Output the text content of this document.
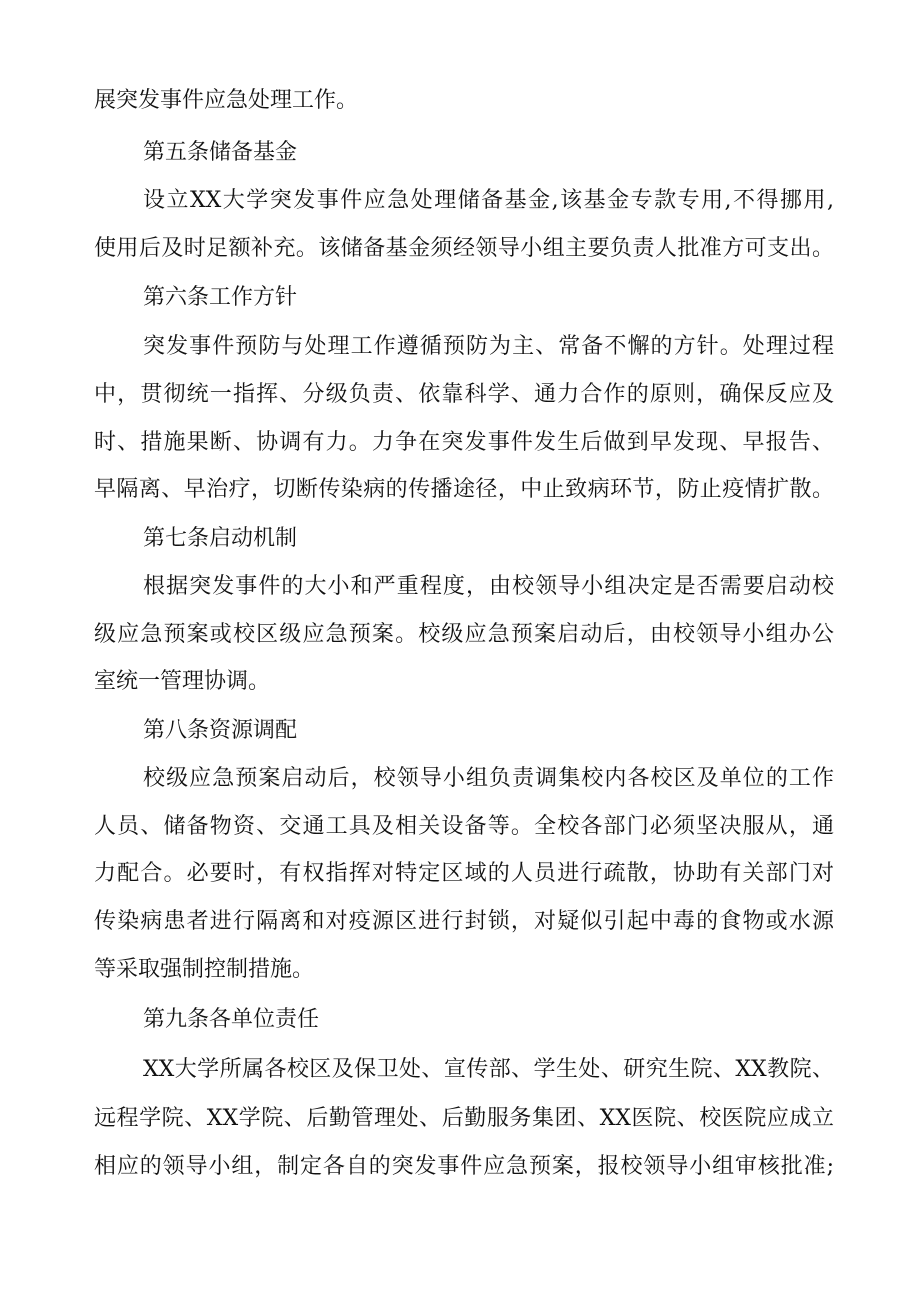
展突发事件应急处理工作。
第五条储备基金
设立XX大学突发事件应急处理储备基金,该基金专款专用,不得挪用,
使用后及时足额补充。该储备基金须经领导小组主要负责人批准方可支出。
第六条工作方针
突发事件预防与处理工作遵循预防为主、常备不懈的方针。处理过程
中，贯彻统一指挥、分级负责、依靠科学、通力合作的原则，确保反应及
时、措施果断、协调有力。力争在突发事件发生后做到早发现、早报告、
早隔离、早治疗，切断传染病的传播途径，中止致病环节，防止疫情扩散。
第七条启动机制
根据突发事件的大小和严重程度，由校领导小组决定是否需要启动校
级应急预案或校区级应急预案。校级应急预案启动后，由校领导小组办公
室统一管理协调。
第八条资源调配
校级应急预案启动后，校领导小组负责调集校内各校区及单位的工作
人员、储备物资、交通工具及相关设备等。全校各部门必须坚决服从，通
力配合。必要时，有权指挥对特定区域的人员进行疏散，协助有关部门对
传染病患者进行隔离和对疫源区进行封锁，对疑似引起中毒的食物或水源
等采取强制控制措施。
第九条各单位责任
XX大学所属各校区及保卫处、宣传部、学生处、研究生院、XX教院、
远程学院、XX学院、后勤管理处、后勤服务集团、XX医院、校医院应成立
相应的领导小组，制定各自的突发事件应急预案，报校领导小组审核批准;
